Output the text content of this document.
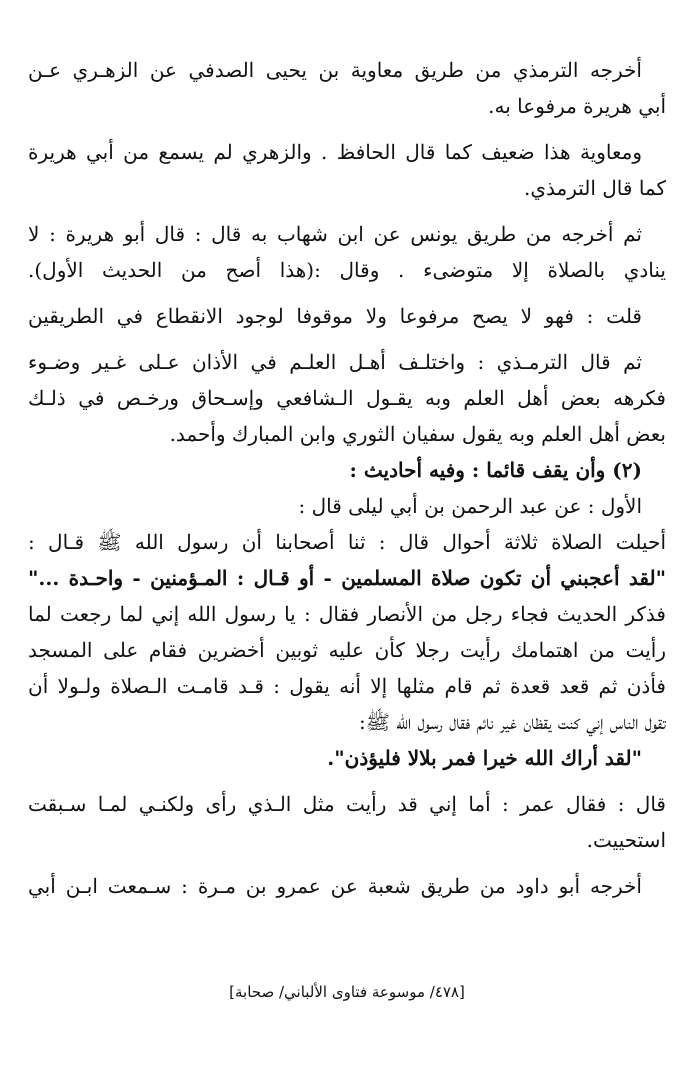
أخرجه الترمذي من طريق معاوية بن يحيى الصدفي عن الزهـري عـن
أبي هريرة مرفوعا به.
ومعاوية هذا ضعيف كما قال الحافظ . والزهري لم يسمع من أبي هريرة
كما قال الترمذي.
ثم أخرجه من طريق يونس عن ابن شهاب به قال : قال أبو هريرة : لا
ينادي بالصلاة إلا متوضىء . وقال :(هذا أصح من الحديث الأول).
قلت : فهو لا يصح مرفوعا ولا موقوفا لوجود الانقطاع في الطريقين
ثم قال الترمـذي : واختلـف أهـل العلـم في الأذان عـلى غـير وضـوء
فكرهه بعض أهل العلم وبه يقـول الـشافعي وإسـحاق ورخـص في ذلـك
بعض أهل العلم وبه يقول سفيان الثوري وابن المبارك وأحمد.
(٢) وأن يقف قائما : وفيه أحاديث :
الأول : عن عبد الرحمن بن أبي ليلى قال :
أحيلت الصلاة ثلاثة أحوال قال : ثنا أصحابنا أن رسول الله ﷺ قـال :
"لقد أعجبني أن تكون صلاة المسلمين - أو قـال : المـؤمنين - واحـدة ..."
فذكر الحديث فجاء رجل من الأنصار فقال : يا رسول الله إني لما رجعت لما
رأيت من اهتمامك رأيت رجلا كأن عليه ثوبين أخضرين فقام على المسجد
فأذن ثم قعد قعدة ثم قام مثلها إلا أنه يقول : قـد قامـت الـصلاة ولـولا أن
تقول الناس إني كنت يقظان غير نائم فقال رسول الله ﷺ:
"لقد أراك الله خيرا فمر بلالا فليؤذن".
قال : فقال عمر : أما إني قد رأيت مثل الـذي رأى ولكنـي لمـا سـبقت
استحييت.
أخرجه أبو داود من طريق شعبة عن عمرو بن مـرة : سـمعت ابـن أبي
[٤٧٨/ موسوعة فتاوى الألباني/ صحابة]
